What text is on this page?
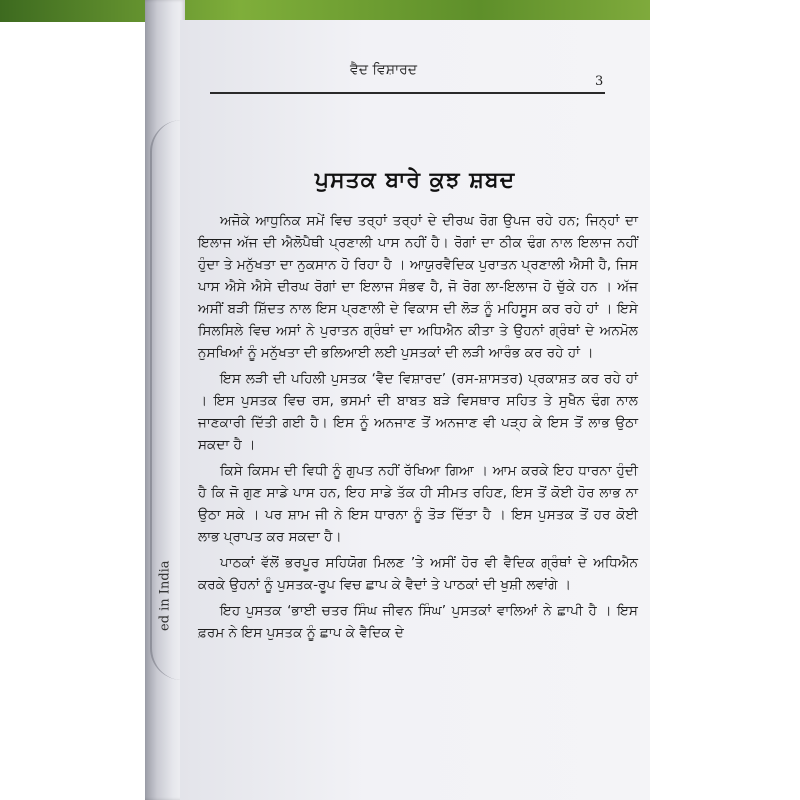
ed in India
ਵੈਦ ਵਿਸ਼ਾਰਦ
3
ਪੁਸਤਕ ਬਾਰੇ ਕੁਝ ਸ਼ਬਦ

ਅਜੋਕੇ ਆਧੁਨਿਕ ਸਮੇਂ ਵਿਚ ਤਰ੍ਹਾਂ ਤਰ੍ਹਾਂ ਦੇ ਦੀਰਘ ਰੋਗ ਉਪਜ ਰਹੇ ਹਨ; ਜਿਨ੍ਹਾਂ ਦਾ ਇਲਾਜ ਅੱਜ ਦੀ ਐਲੋਪੈਥੀ ਪ੍ਰਣਾਲੀ ਪਾਸ ਨਹੀਂ ਹੈ। ਰੋਗਾਂ ਦਾ ਠੀਕ ਢੰਗ ਨਾਲ ਇਲਾਜ ਨਹੀਂ ਹੁੰਦਾ ਤੇ ਮਨੁੱਖਤਾ ਦਾ ਨੁਕਸਾਨ ਹੋ ਰਿਹਾ ਹੈ । ਆਯੁਰਵੈਦਿਕ ਪੁਰਾਤਨ ਪ੍ਰਣਾਲੀ ਐਸੀ ਹੈ, ਜਿਸ ਪਾਸ ਐਸੇ ਐਸੇ ਦੀਰਘ ਰੋਗਾਂ ਦਾ ਇਲਾਜ ਸੰਭਵ ਹੈ, ਜੋ ਰੋਗ ਲਾ-ਇਲਾਜ ਹੋ ਚੁੱਕੇ ਹਨ । ਅੱਜ ਅਸੀਂ ਬੜੀ ਸ਼ਿੱਦਤ ਨਾਲ ਇਸ ਪ੍ਰਣਾਲੀ ਦੇ ਵਿਕਾਸ ਦੀ ਲੋੜ ਨੂੰ ਮਹਿਸੂਸ ਕਰ ਰਹੇ ਹਾਂ । ਇਸੇ ਸਿਲਸਿਲੇ ਵਿਚ ਅਸਾਂ ਨੇ ਪੁਰਾਤਨ ਗ੍ਰੰਥਾਂ ਦਾ ਅਧਿਐਨ ਕੀਤਾ ਤੇ ਉਹਨਾਂ ਗ੍ਰੰਥਾਂ ਦੇ ਅਨਮੋਲ ਨੁਸਖਿਆਂ ਨੂੰ ਮਨੁੱਖਤਾ ਦੀ ਭਲਿਆਈ ਲਈ ਪੁਸਤਕਾਂ ਦੀ ਲੜੀ ਆਰੰਭ ਕਰ ਰਹੇ ਹਾਂ ।

ਇਸ ਲੜੀ ਦੀ ਪਹਿਲੀ ਪੁਸਤਕ ‘ਵੈਦ ਵਿਸ਼ਾਰਦ’ (ਰਸ-ਸ਼ਾਸਤਰ) ਪ੍ਰਕਾਸ਼ਤ ਕਰ ਰਹੇ ਹਾਂ । ਇਸ ਪੁਸਤਕ ਵਿਚ ਰਸ, ਭਸਮਾਂ ਦੀ ਬਾਬਤ ਬੜੇ ਵਿਸਥਾਰ ਸਹਿਤ ਤੇ ਸੁਖੈਨ ਢੰਗ ਨਾਲ ਜਾਣਕਾਰੀ ਦਿੱਤੀ ਗਈ ਹੈ। ਇਸ ਨੂੰ ਅਨਜਾਣ ਤੋਂ ਅਨਜਾਣ ਵੀ ਪੜ੍ਹ ਕੇ ਇਸ ਤੋਂ ਲਾਭ ਉਠਾ ਸਕਦਾ ਹੈ ।

ਕਿਸੇ ਕਿਸਮ ਦੀ ਵਿਧੀ ਨੂੰ ਗੁਪਤ ਨਹੀਂ ਰੱਖਿਆ ਗਿਆ । ਆਮ ਕਰਕੇ ਇਹ ਧਾਰਨਾ ਹੁੰਦੀ ਹੈ ਕਿ ਜੋ ਗੁਣ ਸਾਡੇ ਪਾਸ ਹਨ, ਇਹ ਸਾਡੇ ਤੱਕ ਹੀ ਸੀਮਤ ਰਹਿਣ, ਇਸ ਤੋਂ ਕੋਈ ਹੋਰ ਲਾਭ ਨਾ ਉਠਾ ਸਕੇ । ਪਰ ਸ਼ਾਮ ਜੀ ਨੇ ਇਸ ਧਾਰਨਾ ਨੂੰ ਤੋੜ ਦਿੱਤਾ ਹੈ । ਇਸ ਪੁਸਤਕ ਤੋਂ ਹਰ ਕੋਈ ਲਾਭ ਪ੍ਰਾਪਤ ਕਰ ਸਕਦਾ ਹੈ।

ਪਾਠਕਾਂ ਵੱਲੋਂ ਭਰਪੂਰ ਸਹਿਯੋਗ ਮਿਲਣ ’ਤੇ ਅਸੀਂ ਹੋਰ ਵੀ ਵੈਦਿਕ ਗ੍ਰੰਥਾਂ ਦੇ ਅਧਿਐਨ ਕਰਕੇ ਉਹਨਾਂ ਨੂੰ ਪੁਸਤਕ-ਰੂਪ ਵਿਚ ਛਾਪ ਕੇ ਵੈਦਾਂ ਤੇ ਪਾਠਕਾਂ ਦੀ ਖੁਸ਼ੀ ਲਵਾਂਗੇ ।

ਇਹ ਪੁਸਤਕ ‘ਭਾਈ ਚਤਰ ਸਿੰਘ ਜੀਵਨ ਸਿੰਘ’ ਪੁਸਤਕਾਂ ਵਾਲਿਆਂ ਨੇ ਛਾਪੀ ਹੈ । ਇਸ ਫ਼ਰਮ ਨੇ ਇਸ ਪੁਸਤਕ ਨੂੰ ਛਾਪ ਕੇ ਵੈਦਿਕ ਦੇ
